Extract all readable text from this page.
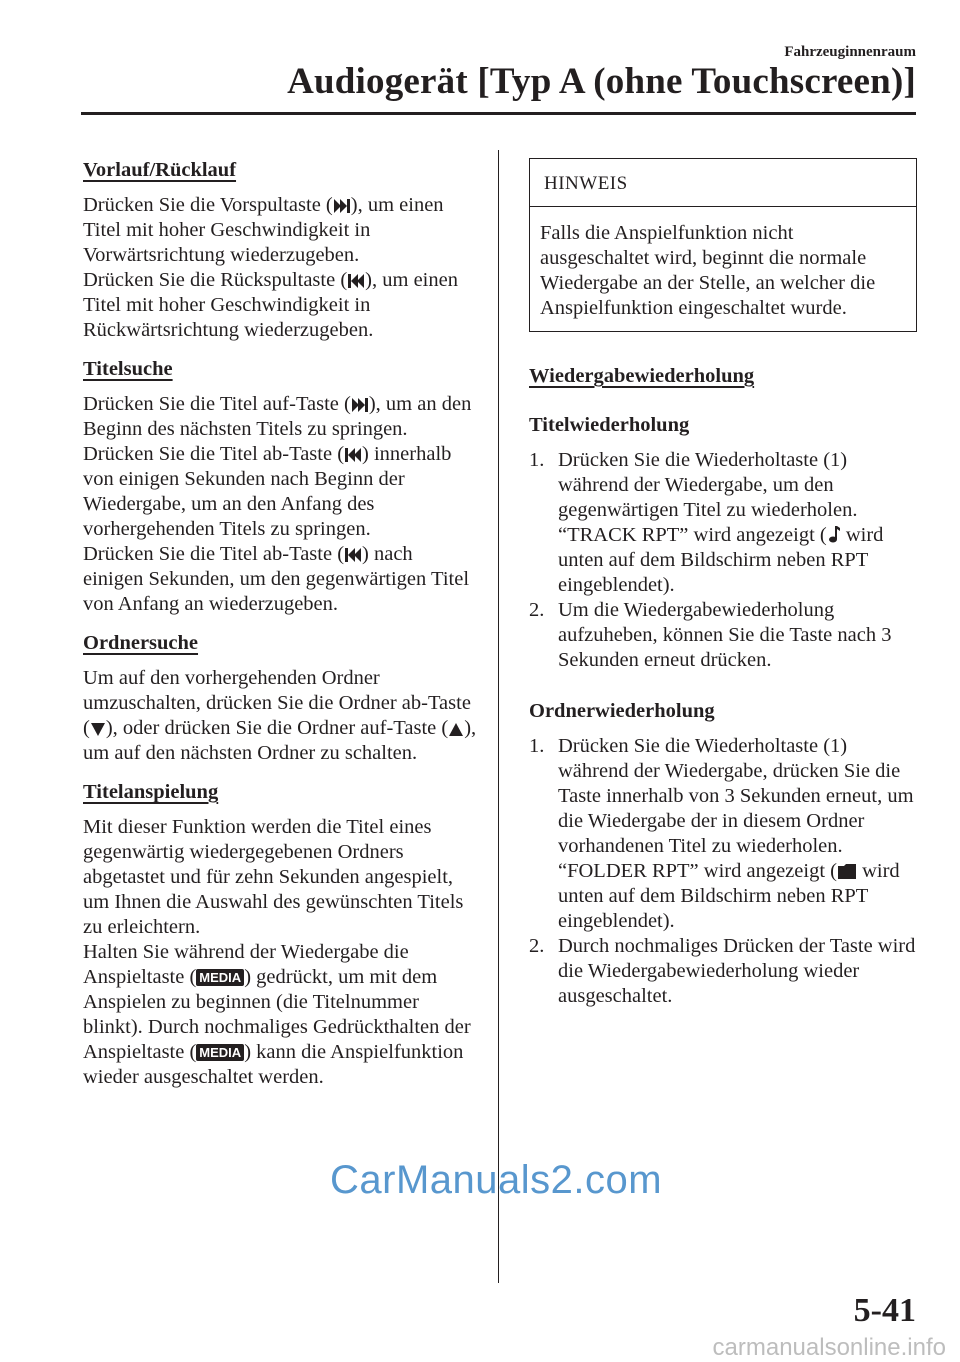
Fahrzeuginnenraum
Audiogerät [Typ A (ohne Touchscreen)]
Vorlauf/Rücklauf

Drücken Sie die Vorspultaste ( ), um einen Titel mit hoher Geschwindigkeit in Vorwärtsrichtung wiederzugeben.

Drücken Sie die Rückspultaste ( ), um einen Titel mit hoher Geschwindigkeit in Rückwärtsrichtung wiederzugeben.

Titelsuche

Drücken Sie die Titel auf-Taste ( ), um an den Beginn des nächsten Titels zu springen.

Drücken Sie die Titel ab-Taste ( ) innerhalb von einigen Sekunden nach Beginn der Wiedergabe, um an den Anfang des vorhergehenden Titels zu springen.

Drücken Sie die Titel ab-Taste ( ) nach einigen Sekunden, um den gegenwärtigen Titel von Anfang an wiederzugeben.

Ordnersuche

Um auf den vorhergehenden Ordner umzuschalten, drücken Sie die Ordner ab-Taste ( ), oder drücken Sie die Ordner auf-Taste ( ), um auf den nächsten Ordner zu schalten.

Titelanspielung

Mit dieser Funktion werden die Titel eines gegenwärtig wiedergegebenen Ordners abgetastet und für zehn Sekunden angespielt, um Ihnen die Auswahl des gewünschten Titels zu erleichtern.

Halten Sie während der Wiedergabe die Anspieltaste ( MEDIA ) gedrückt, um mit dem Anspielen zu beginnen (die Titelnummer blinkt). Durch nochmaliges Gedrückthalten der Anspieltaste ( MEDIA ) kann die Anspielfunktion wieder ausgeschaltet werden.

HINWEIS
Falls die Anspielfunktion nicht ausgeschaltet wird, beginnt die normale Wiedergabe an der Stelle, an welcher die Anspielfunktion eingeschaltet wurde.
Wiedergabewiederholung
Titelwiederholung
1. Drücken Sie die Wiederholtaste (1) während der Wiedergabe, um den gegenwärtigen Titel zu wiederholen. “TRACK RPT” wird angezeigt ( wird unten auf dem Bildschirm neben RPT eingeblendet).
2. Um die Wiedergabewiederholung aufzuheben, können Sie die Taste nach 3 Sekunden erneut drücken.
Ordnerwiederholung
1. Drücken Sie die Wiederholtaste (1) während der Wiedergabe, drücken Sie die Taste innerhalb von 3 Sekunden erneut, um die Wiedergabe der in diesem Ordner vorhandenen Titel zu wiederholen. “FOLDER RPT” wird angezeigt ( wird unten auf dem Bildschirm neben RPT eingeblendet).
2. Durch nochmaliges Drücken der Taste wird die Wiedergabewiederholung wieder ausgeschaltet.
CarManuals2.com
5-41
carmanualsonline.info
